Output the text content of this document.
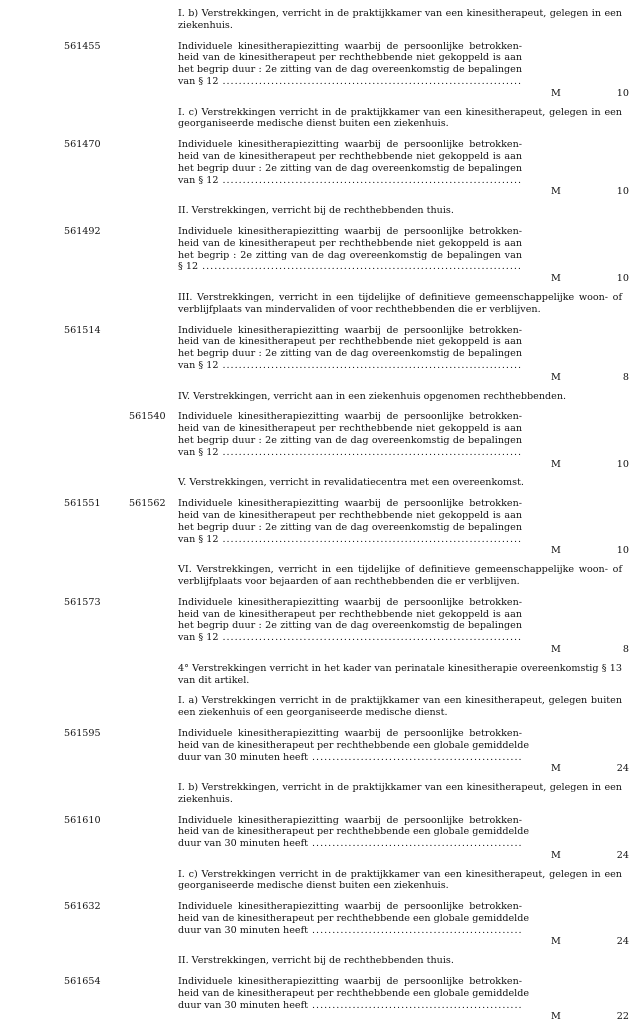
I. b) Verstrekkingen, verricht in de praktijkkamer van een kinesitherapeut, gelegen in een ziekenhuis.
561455	Individuele kinesitherapiezitting waarbij de persoonlijke betrokken-
heid van de kinesitherapeut per rechthebbende niet gekoppeld is aan
het begrip duur : 2e zitting van de dag overeenkomstig de bepalingen
van § 12
.....
M	10
I. c) Verstrekkingen verricht in de praktijkkamer van een kinesitherapeut, gelegen in een georganiseerde medische dienst buiten een ziekenhuis.
561470	Individuele kinesitherapiezitting waarbij de persoonlijke betrokken-
heid van de kinesitherapeut per rechthebbende niet gekoppeld is aan
het begrip duur : 2e zitting van de dag overeenkomstig de bepalingen
van § 12
.....
M	10
II. Verstrekkingen, verricht bij de rechthebbenden thuis.
561492	Individuele kinesitherapiezitting waarbij de persoonlijke betrokken-
heid van de kinesitherapeut per rechthebbende niet gekoppeld is aan
het begrip : 2e zitting van de dag overeenkomstig de bepalingen van
§ 12
.....
M	10
III. Verstrekkingen, verricht in een tijdelijke of definitieve gemeenschappelijke woon- of verblijfplaats van mindervaliden of voor rechthebbenden die er verblijven.
561514	Individuele kinesitherapiezitting waarbij de persoonlijke betrokken-
heid van de kinesitherapeut per rechthebbende niet gekoppeld is aan
het begrip duur : 2e zitting van de dag overeenkomstig de bepalingen
van § 12
.....
M	8
IV. Verstrekkingen, verricht aan in een ziekenhuis opgenomen rechthebbenden.
561540 Individuele kinesitherapiezitting waarbij de persoonlijke betrokken-
heid van de kinesitherapeut per rechthebbende niet gekoppeld is aan
het begrip duur : 2e zitting van de dag overeenkomstig de bepalingen
van § 12
.....
M	10
V. Verstrekkingen, verricht in revalidatiecentra met een overeenkomst.
561551	561562 Individuele kinesitherapiezitting waarbij de persoonlijke betrokken-
heid van de kinesitherapeut per rechthebbende niet gekoppeld is aan
het begrip duur : 2e zitting van de dag overeenkomstig de bepalingen
van § 12
.....
M	10
VI. Verstrekkingen, verricht in een tijdelijke of definitieve gemeenschappelijke woon- of verblijfplaats voor bejaarden of aan rechthebbenden die er verblijven.
561573	Individuele kinesitherapiezitting waarbij de persoonlijke betrokken-
heid van de kinesitherapeut per rechthebbende niet gekoppeld is aan
het begrip duur : 2e zitting van de dag overeenkomstig de bepalingen
van § 12
.....
M	8
4° Verstrekkingen verricht in het kader van perinatale kinesitherapie overeenkomstig § 13 van dit artikel.
I. a) Verstrekkingen verricht in de praktijkkamer van een kinesitherapeut, gelegen buiten een ziekenhuis of een georganiseerde medische dienst.
561595	Individuele kinesitherapiezitting waarbij de persoonlijke betrokken-
heid van de kinesitherapeut per rechthebbende een globale gemiddelde
duur van 30 minuten heeft
.....
M	24
I. b) Verstrekkingen, verricht in de praktijkkamer van een kinesitherapeut, gelegen in een ziekenhuis.
561610	Individuele kinesitherapiezitting waarbij de persoonlijke betrokken-
heid van de kinesitherapeut per rechthebbende een globale gemiddelde
duur van 30 minuten heeft
.....
M	24
I. c) Verstrekkingen verricht in de praktijkkamer van een kinesitherapeut, gelegen in een georganiseerde medische dienst buiten een ziekenhuis.
561632	Individuele kinesitherapiezitting waarbij de persoonlijke betrokken-
heid van de kinesitherapeut per rechthebbende een globale gemiddelde
duur van 30 minuten heeft
.....
M	24
II. Verstrekkingen, verricht bij de rechthebbenden thuis.
561654	Individuele kinesitherapiezitting waarbij de persoonlijke betrokken-
heid van de kinesitherapeut per rechthebbende een globale gemiddelde
duur van 30 minuten heeft
.....
M	22
